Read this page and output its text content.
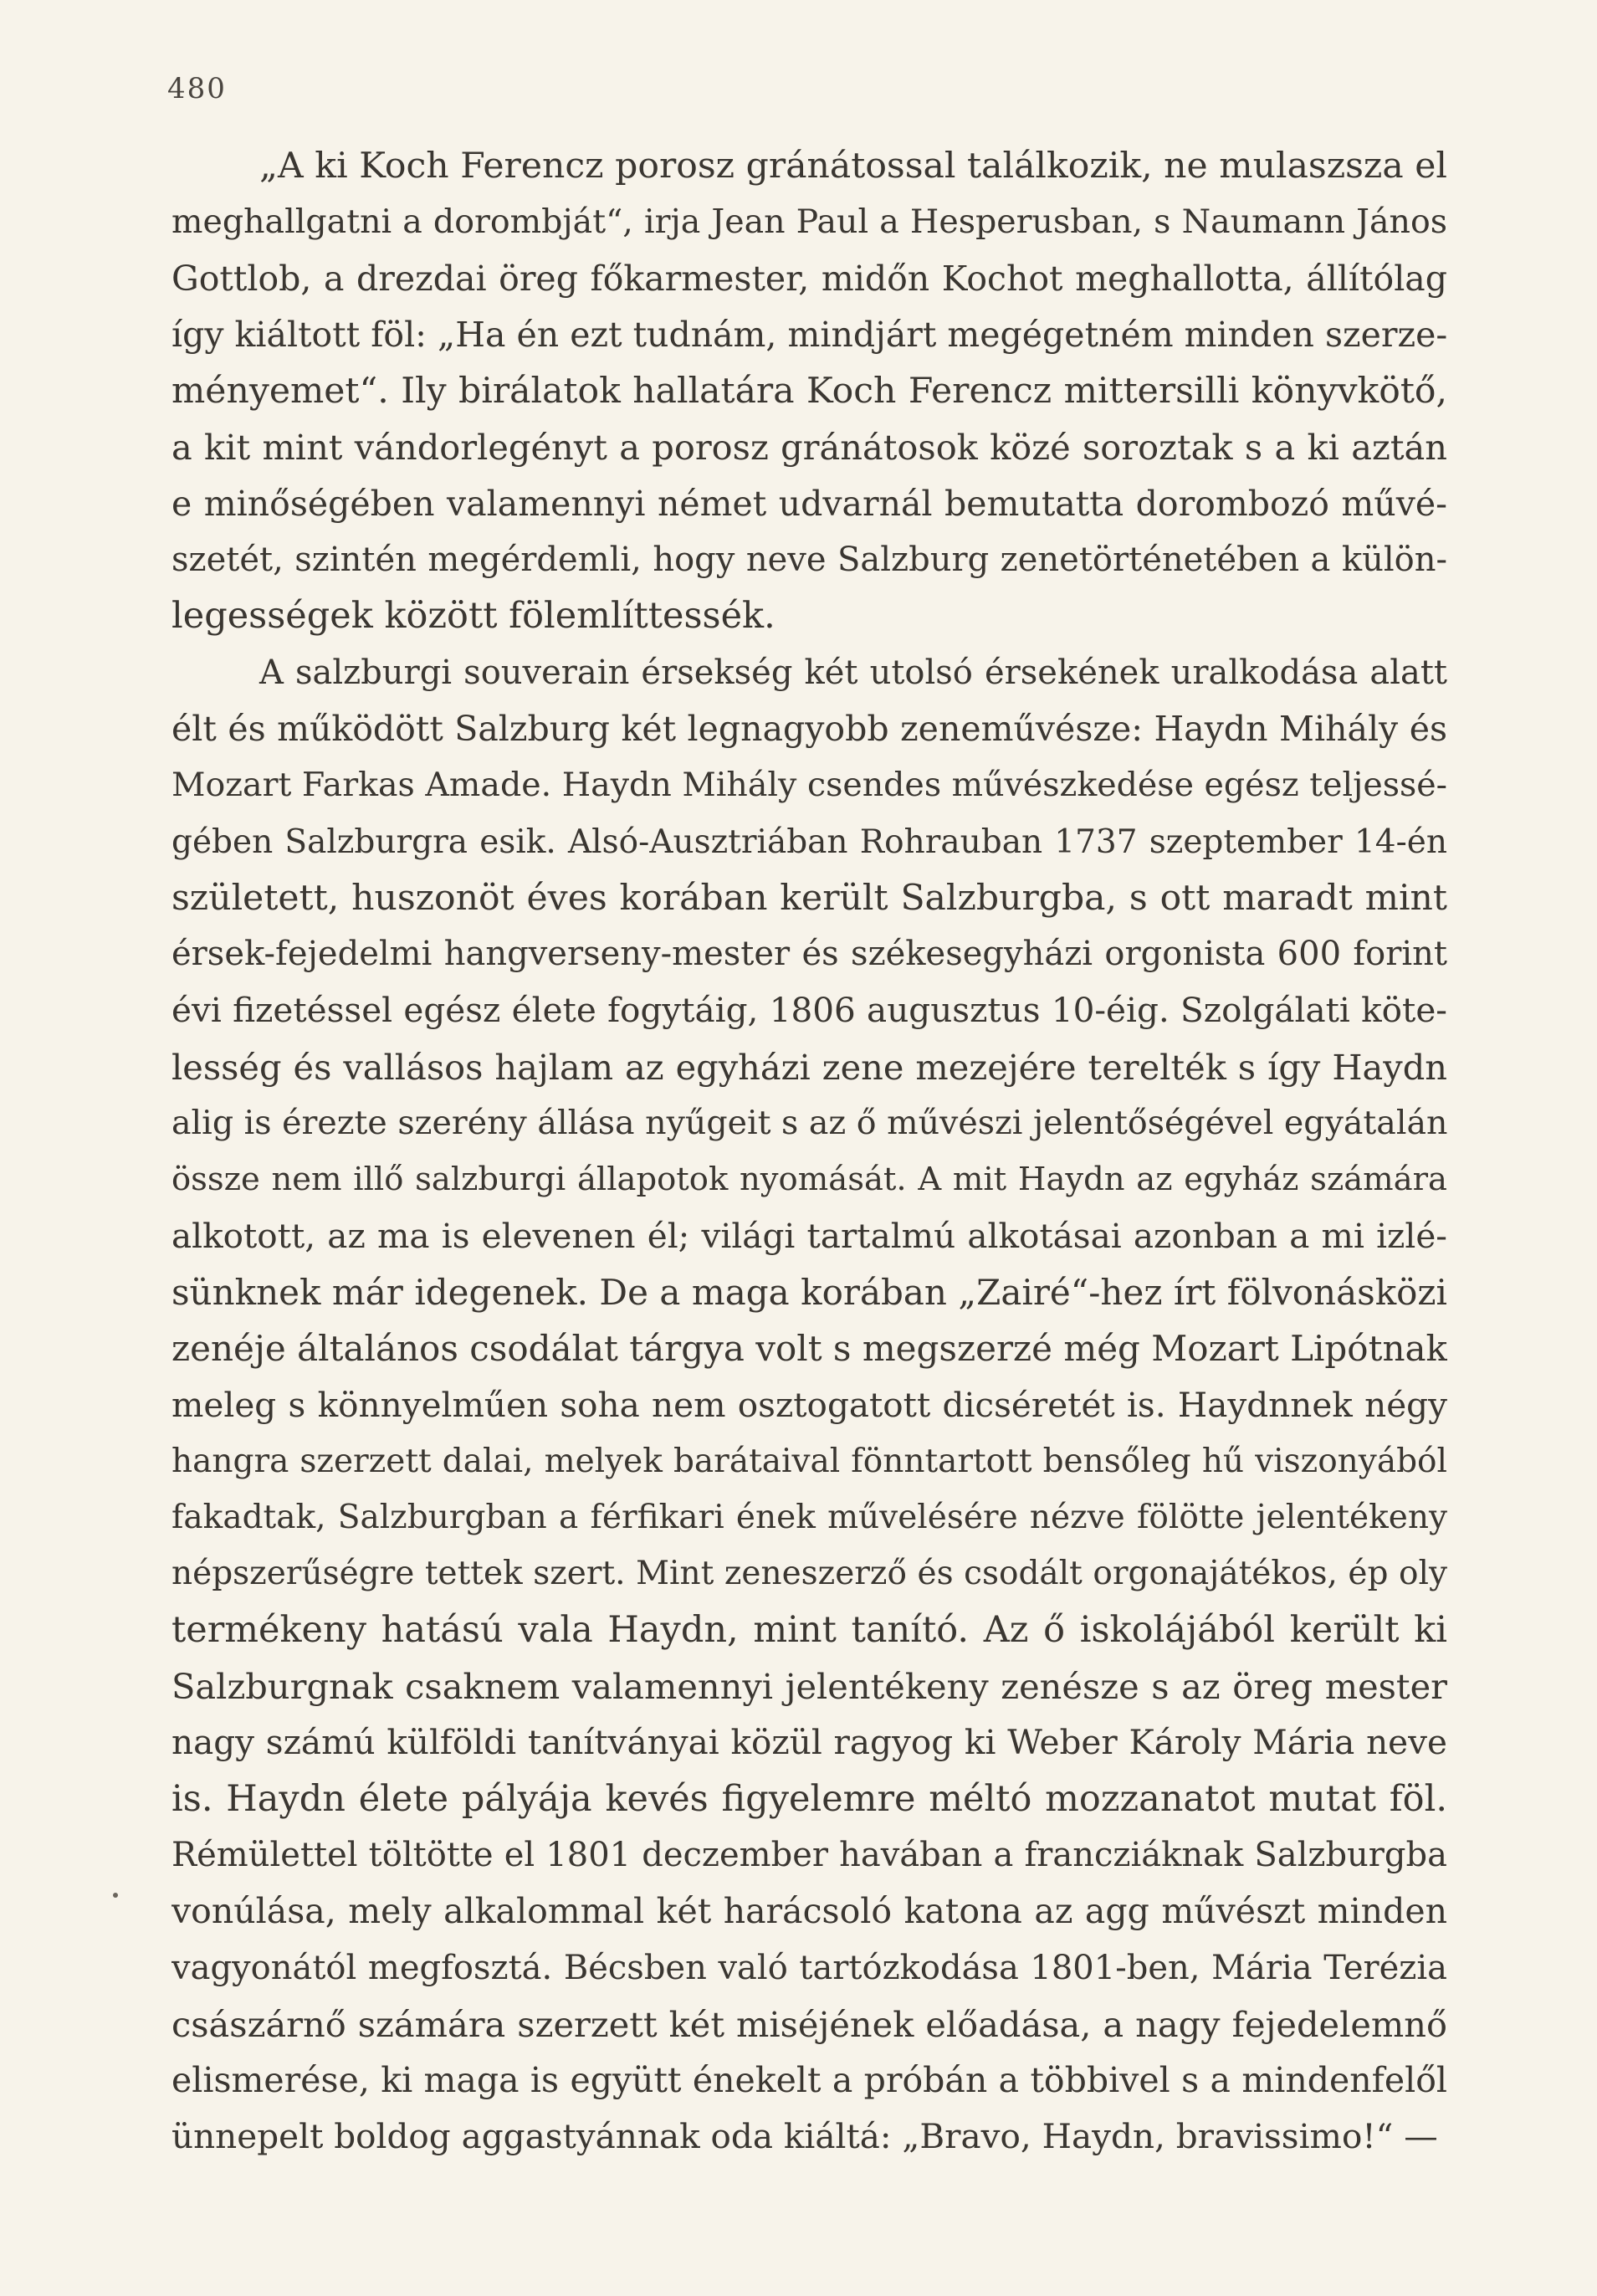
480
„A ki Koch Ferencz porosz gránátossal találkozik, ne mulaszsza el
meghallgatni a dorombját“, irja Jean Paul a Hesperusban, s Naumann János
Gottlob, a drezdai öreg főkarmester, midőn Kochot meghallotta, állítólag
így kiáltott föl: „Ha én ezt tudnám, mindjárt megégetném minden szerze-
ményemet“. Ily birálatok hallatára Koch Ferencz mittersilli könyvkötő,
a kit mint vándorlegényt a porosz gránátosok közé soroztak s a ki aztán
e minőségében valamennyi német udvarnál bemutatta dorombozó művé-
szetét, szintén megérdemli, hogy neve Salzburg zenetörténetében a külön-
legességek között fölemlíttessék.
A salzburgi souverain érsekség két utolsó érsekének uralkodása alatt
élt és működött Salzburg két legnagyobb zeneművésze: Haydn Mihály és
Mozart Farkas Amade. Haydn Mihály csendes művészkedése egész teljessé-
gében Salzburgra esik. Alsó-Ausztriában Rohrauban 1737 szeptember 14-én
született, huszonöt éves korában került Salzburgba, s ott maradt mint
érsek-fejedelmi hangverseny-mester és székesegyházi orgonista 600 forint
évi fizetéssel egész élete fogytáig, 1806 augusztus 10-éig. Szolgálati köte-
lesség és vallásos hajlam az egyházi zene mezejére terelték s így Haydn
alig is érezte szerény állása nyűgeit s az ő művészi jelentőségével egyátalán
össze nem illő salzburgi állapotok nyomását. A mit Haydn az egyház számára
alkotott, az ma is elevenen él; világi tartalmú alkotásai azonban a mi izlé-
sünknek már idegenek. De a maga korában „Zairé“-hez írt fölvonásközi
zenéje általános csodálat tárgya volt s megszerzé még Mozart Lipótnak
meleg s könnyelműen soha nem osztogatott dicséretét is. Haydnnek négy
hangra szerzett dalai, melyek barátaival fönntartott bensőleg hű viszonyából
fakadtak, Salzburgban a férfikari ének művelésére nézve fölötte jelentékeny
népszerűségre tettek szert. Mint zeneszerző és csodált orgonajátékos, ép oly
termékeny hatású vala Haydn, mint tanító. Az ő iskolájából került ki
Salzburgnak csaknem valamennyi jelentékeny zenésze s az öreg mester
nagy számú külföldi tanítványai közül ragyog ki Weber Károly Mária neve
is. Haydn élete pályája kevés figyelemre méltó mozzanatot mutat föl.
Rémülettel töltötte el 1801 deczember havában a francziáknak Salzburgba
vonúlása, mely alkalommal két harácsoló katona az agg művészt minden
vagyonától megfosztá. Bécsben való tartózkodása 1801-ben, Mária Terézia
császárnő számára szerzett két miséjének előadása, a nagy fejedelemnő
elismerése, ki maga is együtt énekelt a próbán a többivel s a mindenfelől
ünnepelt boldog aggastyánnak oda kiáltá: „Bravo, Haydn, bravissimo!“ —
